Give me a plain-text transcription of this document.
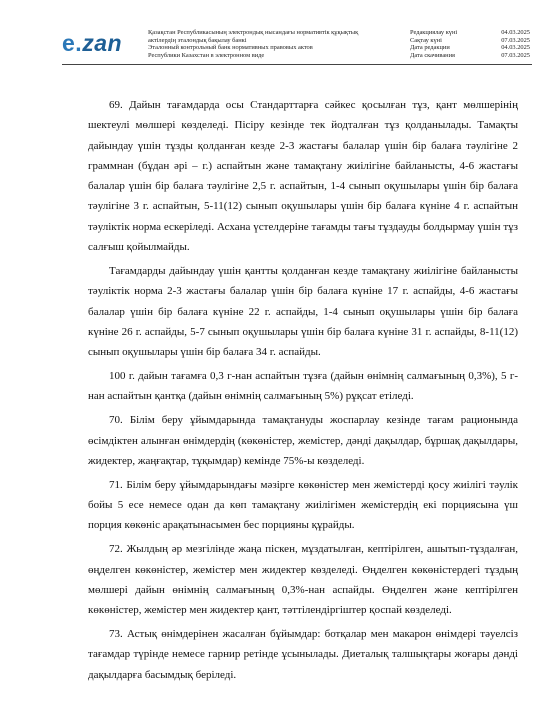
e.zan	Қазақстан Республикасының электрондық нысандағы нормативтік құқықтық
актілердің эталондық бақылау банкі
Эталонный контрольный банк нормативных правовых актов
Республики Казахстан в электронном виде
Редакциялау күні	04.03.2025
Сақтау күні	07.03.2025
Дата редакции	04.03.2025
Дата скачивания	07.03.2025

69. Дайын тағамдарда осы Стандарттарға сәйкес қосылған тұз, қант мөлшерінің шектеулі мөлшері көзделеді. Пісіру кезінде тек йодталған тұз қолданылады. Тамақты дайындау үшін тұзды қолданған кезде 2-3 жастағы балалар үшін бір балаға тәулігіне 2 граммнан (бұдан әрі – г.) аспайтын және тамақтану жиілігіне байланысты, 4-6 жастағы балалар үшін бір балаға тәулігіне 2,5 г. аспайтын, 1-4 сынып оқушылары үшін бір балаға тәулігіне 3 г. аспайтын, 5-11(12) сынып оқушылары үшін бір балаға күніне 4 г. аспайтын тәуліктік норма ескеріледі. Асхана үстелдеріне тағамды тағы тұздауды болдырмау үшін тұз салғыш қойылмайды.

Тағамдарды дайындау үшін қантты қолданған кезде тамақтану жиілігіне байланысты тәуліктік норма 2-3 жастағы балалар үшін бір балаға күніне 17 г. аспайды, 4-6 жастағы балалар үшін бір балаға күніне 22 г. аспайды, 1-4 сынып оқушылары үшін бір балаға күніне 26 г. аспайды, 5-7 сынып оқушылары үшін бір балаға күніне 31 г. аспайды, 8-11(12) сынып оқушылары үшін бір балаға 34 г. аспайды.

100 г. дайын тағамға 0,3 г-нан аспайтын тұзға (дайын өнімнің салмағының 0,3%), 5 г-нан аспайтын қантқа (дайын өнімнің салмағының 5%) рұқсат етіледі.

70. Білім беру ұйымдарында тамақтануды жоспарлау кезінде тағам рационында өсімдіктен алынған өнімдердің (көкөністер, жемістер, дәнді дақылдар, бұршақ дақылдары, жидектер, жаңғақтар, тұқымдар) кемінде 75%-ы көзделеді.

71. Білім беру ұйымдарындағы мәзірге көкөністер мен жемістерді қосу жиілігі тәулік бойы 5 есе немесе одан да көп тамақтану жиілігімен жемістердің екі порциясына үш порция көкөніс арақатынасымен бес порцияны құрайды.

72. Жылдың әр мезгілінде жаңа піскен, мұздатылған, кептірілген, ашытып-тұздалған, өңделген көкөністер, жемістер мен жидектер көзделеді. Өңделген көкөністердегі тұздың мөлшері дайын өнімнің салмағының 0,3%-нан аспайды. Өңделген және кептірілген көкөністер, жемістер мен жидектер қант, тәттілендіргіштер қоспай көзделеді.

73. Астық өнімдерінен жасалған бұйымдар: ботқалар мен макарон өнімдері тәуелсіз тағамдар түрінде немесе гарнир ретінде ұсынылады. Диеталық талшықтары жоғары дәнді дақылдарға басымдық беріледі.
